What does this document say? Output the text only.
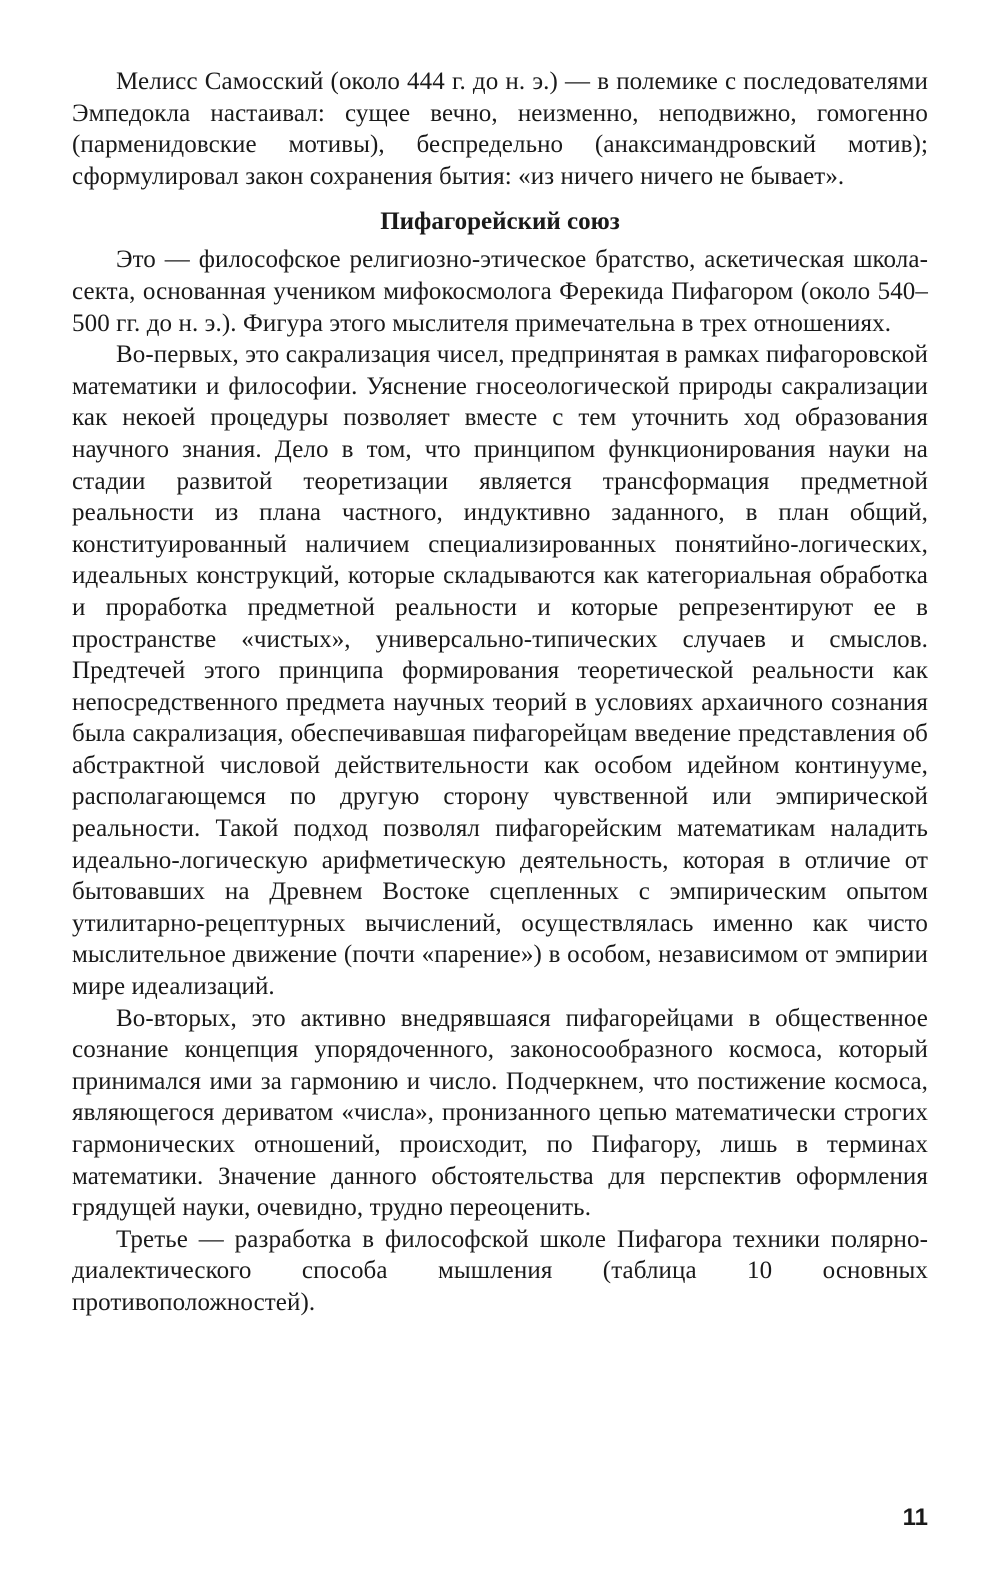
Мелисс Самосский (около 444 г. до н. э.) — в полемике с последователями Эмпедокла настаивал: сущее вечно, неизменно, неподвижно, гомогенно (парменидовские мотивы), беспредельно (анаксимандровский мотив); сформулировал закон сохранения бытия: «из ничего ничего не бывает».

Пифагорейский союз

Это — философское религиозно-этическое братство, аскетическая школа-секта, основанная учеником мифокосмолога Ферекида Пифагором (около 540–500 гг. до н. э.). Фигура этого мыслителя примечательна в трех отношениях.

Во-первых, это сакрализация чисел, предпринятая в рамках пифагоровской математики и философии. Уяснение гносеологической природы сакрализации как некоей процедуры позволяет вместе с тем уточнить ход образования научного знания. Дело в том, что принципом функционирования науки на стадии развитой теоретизации является трансформация предметной реальности из плана частного, индуктивно заданного, в план общий, конституированный наличием специализированных понятийно-логических, идеальных конструкций, которые складываются как категориальная обработка и проработка предметной реальности и которые репрезентируют ее в пространстве «чистых», универсально-типических случаев и смыслов. Предтечей этого принципа формирования теоретической реальности как непосредственного предмета научных теорий в условиях архаичного сознания была сакрализация, обеспечивавшая пифагорейцам введение представления об абстрактной числовой действительности как особом идейном континууме, располагающемся по другую сторону чувственной или эмпирической реальности. Такой подход позволял пифагорейским математикам наладить идеально-логическую арифметическую деятельность, которая в отличие от бытовавших на Древнем Востоке сцепленных с эмпирическим опытом утилитарно-рецептурных вычислений, осуществлялась именно как чисто мыслительное движение (почти «парение») в особом, независимом от эмпирии мире идеализаций.

Во-вторых, это активно внедрявшаяся пифагорейцами в общественное сознание концепция упорядоченного, законосообразного космоса, который принимался ими за гармонию и число. Подчеркнем, что постижение космоса, являющегося дериватом «числа», пронизанного цепью математически строгих гармонических отношений, происходит, по Пифагору, лишь в терминах математики. Значение данного обстоятельства для перспектив оформления грядущей науки, очевидно, трудно переоценить.

Третье — разработка в философской школе Пифагора техники полярно-диалектического способа мышления (таблица 10 основных противоположностей).

11
